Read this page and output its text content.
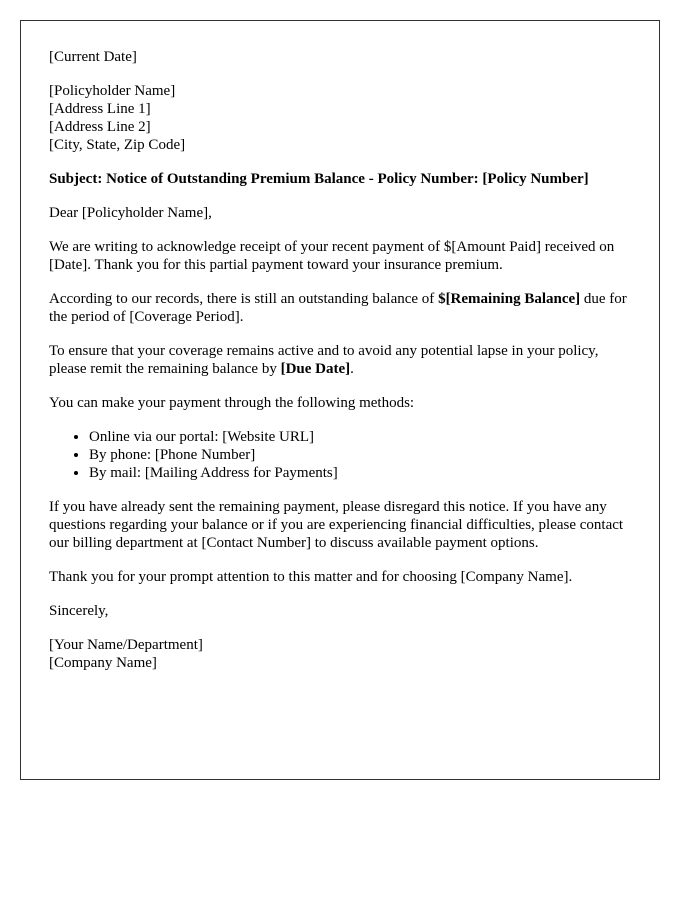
[Current Date]

[Policyholder Name]
[Address Line 1]
[Address Line 2]
[City, State, Zip Code]

Subject: Notice of Outstanding Premium Balance - Policy Number: [Policy Number]

Dear [Policyholder Name],

We are writing to acknowledge receipt of your recent payment of $[Amount Paid] received on [Date]. Thank you for this partial payment toward your insurance premium.

According to our records, there is still an outstanding balance of $[Remaining Balance] due for the period of [Coverage Period].

To ensure that your coverage remains active and to avoid any potential lapse in your policy, please remit the remaining balance by [Due Date].

You can make your payment through the following methods:

• Online via our portal: [Website URL]
• By phone: [Phone Number]
• By mail: [Mailing Address for Payments]

If you have already sent the remaining payment, please disregard this notice. If you have any questions regarding your balance or if you are experiencing financial difficulties, please contact our billing department at [Contact Number] to discuss available payment options.

Thank you for your prompt attention to this matter and for choosing [Company Name].

Sincerely,

[Your Name/Department]
[Company Name]
